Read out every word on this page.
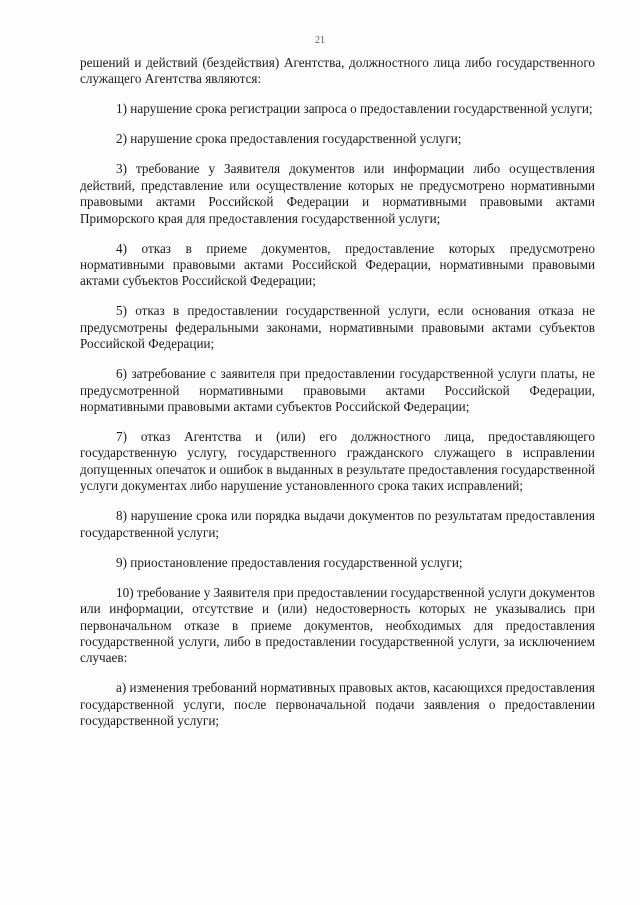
21

решений и действий (бездействия) Агентства, должностного лица либо государственного служащего Агентства являются:

1) нарушение срока регистрации запроса о предоставлении государственной услуги;

2) нарушение срока предоставления государственной услуги;

3) требование у Заявителя документов или информации либо осуществления действий, представление или осуществление которых не предусмотрено нормативными правовыми актами Российской Федерации и нормативными правовыми актами Приморского края для предоставления государственной услуги;

4) отказ в приеме документов, предоставление которых предусмотрено нормативными правовыми актами Российской Федерации, нормативными правовыми актами субъектов Российской Федерации;

5) отказ в предоставлении государственной услуги, если основания отказа не предусмотрены федеральными законами, нормативными правовыми актами субъектов Российской Федерации;

6) затребование с заявителя при предоставлении государственной услуги платы, не предусмотренной нормативными правовыми актами Российской Федерации, нормативными правовыми актами субъектов Российской Федерации;

7) отказ Агентства и (или) его должностного лица, предоставляющего государственную услугу, государственного гражданского служащего в исправлении допущенных опечаток и ошибок в выданных в результате предоставления государственной услуги документах либо нарушение установленного срока таких исправлений;

8) нарушение срока или порядка выдачи документов по результатам предоставления государственной услуги;

9) приостановление предоставления государственной услуги;

10) требование у Заявителя при предоставлении государственной услуги документов или информации, отсутствие и (или) недостоверность которых не указывались при первоначальном отказе в приеме документов, необходимых для предоставления государственной услуги, либо в предоставлении государственной услуги, за исключением случаев:

а) изменения требований нормативных правовых актов, касающихся предоставления государственной услуги, после первоначальной подачи заявления о предоставлении государственной услуги;
